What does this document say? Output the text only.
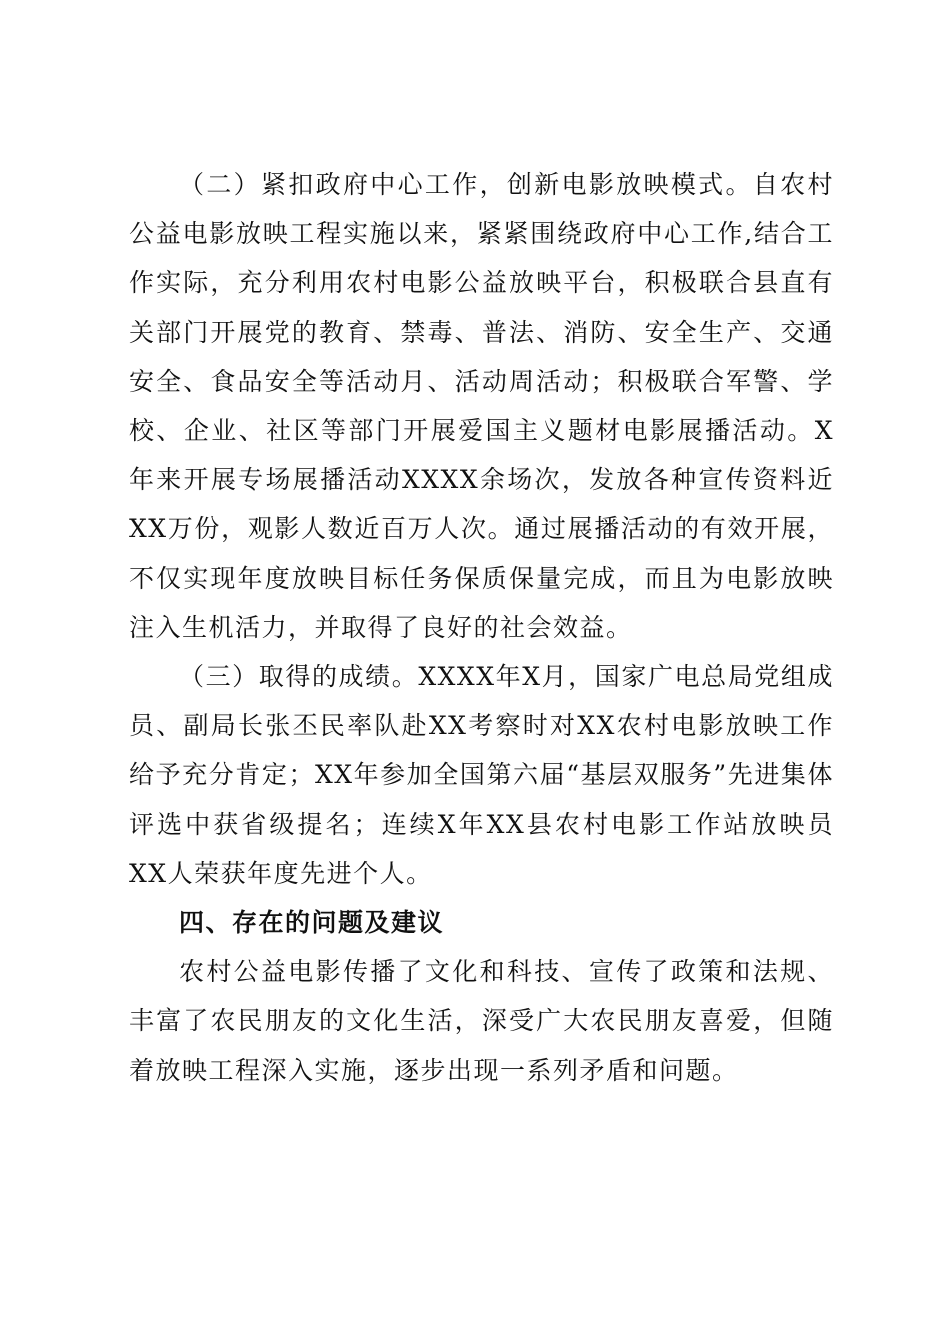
（二）紧扣政府中心工作，创新电影放映模式。自农村公益电影放映工程实施以来，紧紧围绕政府中心工作,结合工作实际，充分利用农村电影公益放映平台，积极联合县直有关部门开展党的教育、禁毒、普法、消防、安全生产、交通安全、食品安全等活动月、活动周活动；积极联合军警、学校、企业、社区等部门开展爱国主义题材电影展播活动。X年来开展专场展播活动XXXX余场次，发放各种宣传资料近XX万份，观影人数近百万人次。通过展播活动的有效开展，不仅实现年度放映目标任务保质保量完成，而且为电影放映注入生机活力，并取得了良好的社会效益。

（三）取得的成绩。XXXX年X月，国家广电总局党组成员、副局长张丕民率队赴XX考察时对XX农村电影放映工作给予充分肯定；XX年参加全国第六届“基层双服务”先进集体评选中获省级提名；连续X年XX县农村电影工作站放映员XX人荣获年度先进个人。

四、存在的问题及建议

农村公益电影传播了文化和科技、宣传了政策和法规、丰富了农民朋友的文化生活，深受广大农民朋友喜爱，但随着放映工程深入实施，逐步出现一系列矛盾和问题。
